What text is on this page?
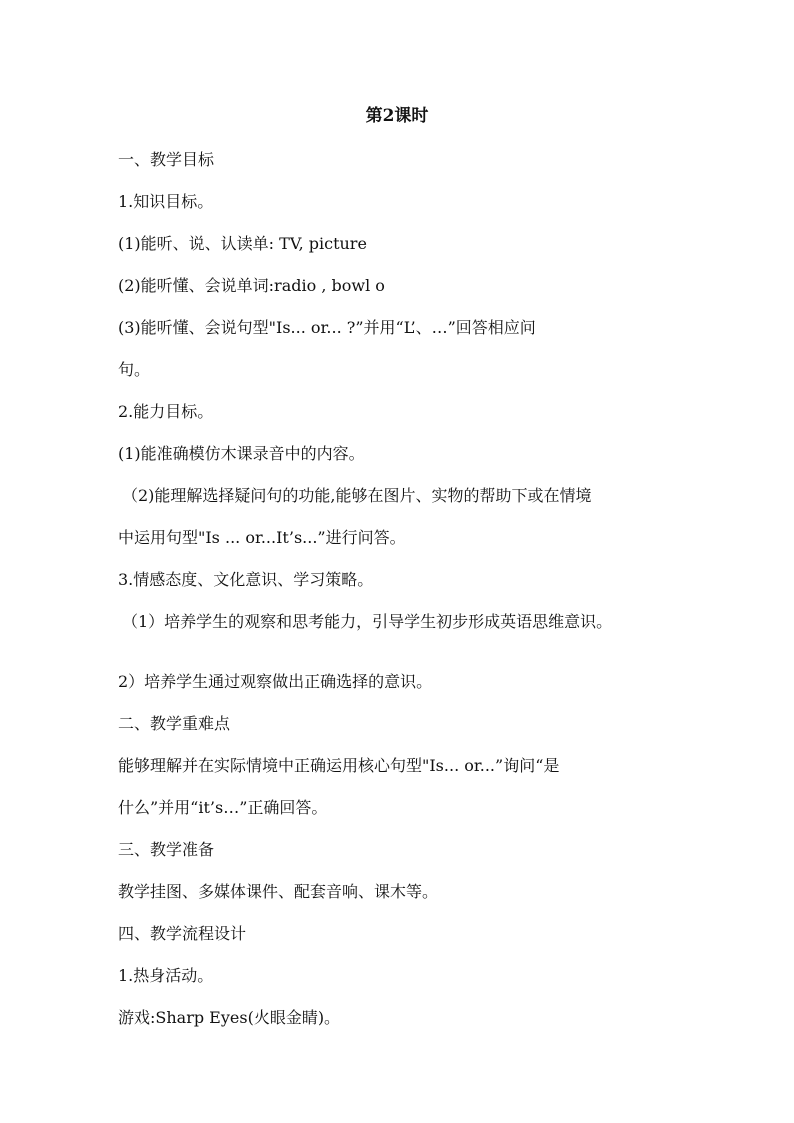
第2课时
一、教学目标
1.知识目标。
(1)能听、说、认读单: TV, picture
(2)能听懂、会说单词:radio , bowl o
(3)能听懂、会说句型"Is... or... ?”并用“L’、…”回答相应问
句。
2.能力目标。
(1)能准确模仿木课录音中的内容。
（2)能理解选择疑问句的功能,能够在图片、实物的帮助下或在情境
中运用句型"Is ... or...It’s...”进行问答。
3.情感态度、文化意识、学习策略。
（1）培养学生的观察和思考能力，引导学生初步形成英语思维意识。
2）培养学生通过观察做出正确选择的意识。
二、教学重难点
能够理解并在实际情境中正确运用核心句型"Is... or...”询问“是
什么”并用“it’s…”正确回答。
三、教学准备
教学挂图、多媒体课件、配套音响、课木等。
四、教学流程设计
1.热身活动。
游戏:Sharp Eyes(火眼金睛)。
